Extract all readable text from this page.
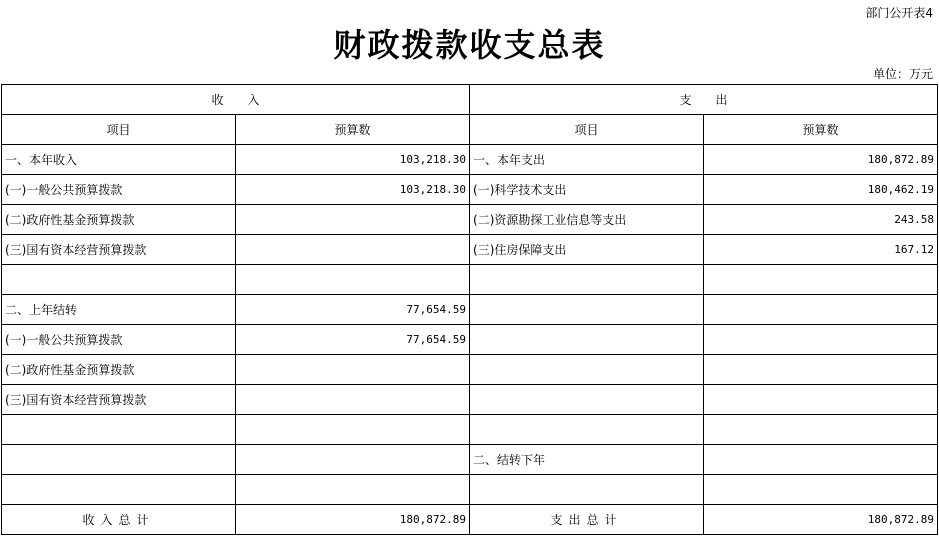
部门公开表4
财政拨款收支总表
单位：万元
收　　入		支　　出	
项目	预算数	项目	预算数
一、本年收入	103,218.30	一、本年支出	180,872.89
(一)一般公共预算拨款	103,218.30	(一)科学技术支出	180,462.19
(二)政府性基金预算拨款		(二)资源勘探工业信息等支出	243.58
(三)国有资本经营预算拨款		(三)住房保障支出	167.12

二、上年结转	77,654.59		
(一)一般公共预算拨款	77,654.59		
(二)政府性基金预算拨款			
(三)国有资本经营预算拨款			

		二、结转下年	

收入总计	180,872.89	支出总计	180,872.89
